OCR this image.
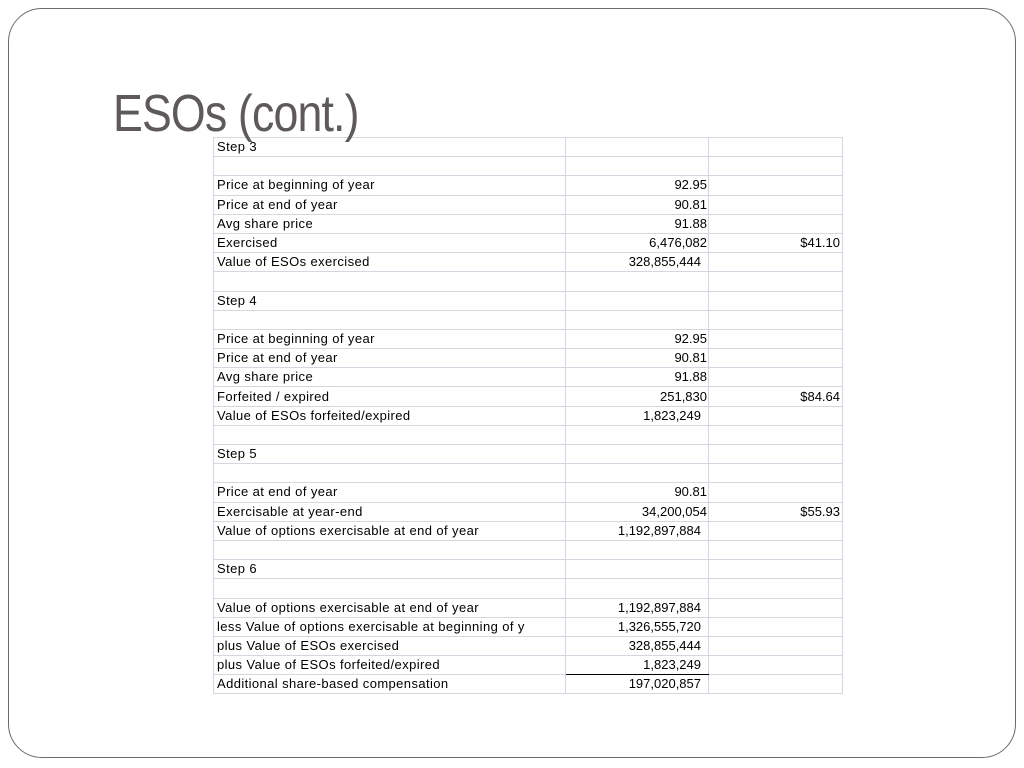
ESOs (cont.)
Step 3		

Price at beginning of year	92.95	
Price at end of year	90.81	
Avg share price	91.88	
Exercised	6,476,082	$41.10
Value of ESOs exercised	328,855,444	

Step 4		

Price at beginning of year	92.95	
Price at end of year	90.81	
Avg share price	91.88	
Forfeited / expired	251,830	$84.64
Value of ESOs forfeited/expired	1,823,249	

Step 5		

Price at end of year	90.81	
Exercisable at year-end	34,200,054	$55.93
Value of options exercisable at end of year	1,192,897,884	

Step 6		

Value of options exercisable at end of year	1,192,897,884	
less Value of options exercisable at beginning of y	1,326,555,720	
plus Value of ESOs exercised	328,855,444	
plus Value of ESOs forfeited/expired	1,823,249	
Additional share-based compensation	197,020,857	
